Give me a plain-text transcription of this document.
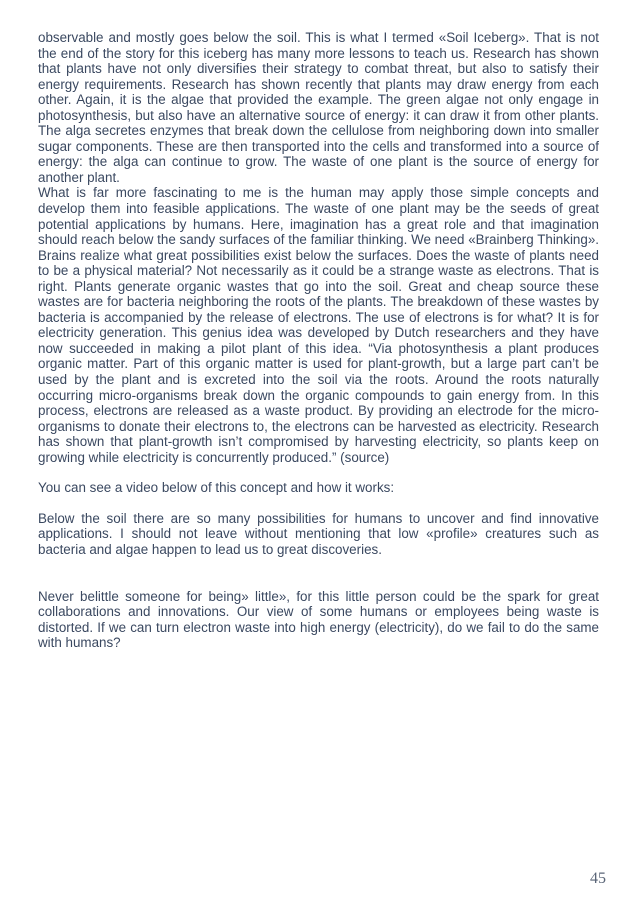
observable and mostly goes below the soil. This is what I termed «Soil Iceberg». That is not the end of the story for this iceberg has many more lessons to teach us. Research has shown that plants have not only diversifies their strategy to combat threat, but also to satisfy their energy requirements. Research has shown recently that plants may draw energy from each other. Again, it is the algae that provided the example. The green algae not only engage in photosynthesis, but also have an alternative source of energy: it can draw it from other plants. The alga secretes enzymes that break down the cellulose from neighboring down into smaller sugar components. These are then transported into the cells and transformed into a source of energy: the alga can continue to grow. The waste of one plant is the source of energy for another plant.

What is far more fascinating to me is the human may apply those simple concepts and develop them into feasible applications. The waste of one plant may be the seeds of great potential applications by humans. Here, imagination has a great role and that imagination should reach below the sandy surfaces of the familiar thinking. We need «Brainberg Thinking». Brains realize what great possibilities exist below the surfaces. Does the waste of plants need to be a physical material? Not necessarily as it could be a strange waste as electrons. That is right. Plants generate organic wastes that go into the soil. Great and cheap source these wastes are for bacteria neighboring the roots of the plants. The breakdown of these wastes by bacteria is accompanied by the release of electrons. The use of electrons is for what? It is for electricity generation. This genius idea was developed by Dutch researchers and they have now succeeded in making a pilot plant of this idea. “Via photosynthesis a plant produces organic matter. Part of this organic matter is used for plant-growth, but a large part can’t be used by the plant and is excreted into the soil via the roots. Around the roots naturally occurring micro-organisms break down the organic compounds to gain energy from. In this process, electrons are released as a waste product. By providing an electrode for the micro-organisms to donate their electrons to, the electrons can be harvested as electricity. Research has shown that plant-growth isn’t compromised by harvesting electricity, so plants keep on growing while electricity is concurrently produced.” (source)

You can see a video below of this concept and how it works:

Below the soil there are so many possibilities for humans to uncover and find innovative applications. I should not leave without mentioning that low «profile» creatures such as bacteria and algae happen to lead us to great discoveries.

Never belittle someone for being» little», for this little person could be the spark for great collaborations and innovations. Our view of some humans or employees being waste is distorted. If we can turn electron waste into high energy (electricity), do we fail to do the same with humans?

45
